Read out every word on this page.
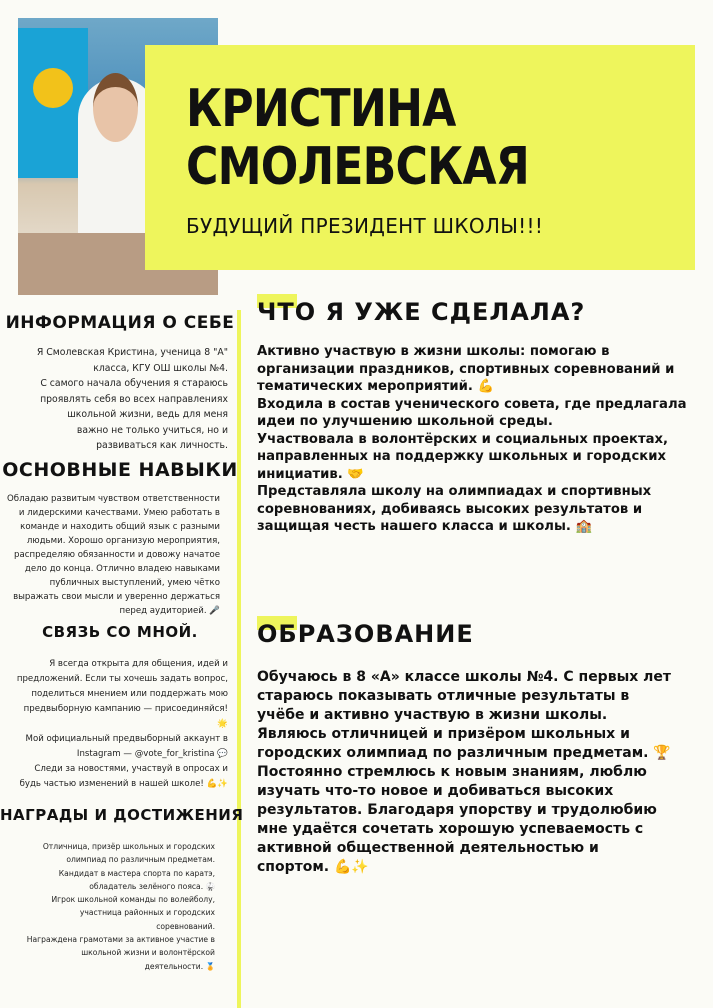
КРИСТИНА
СМОЛЕВСКАЯ
БУДУЩИЙ ПРЕЗИДЕНТ ШКОЛЫ!!!
ИНФОРМАЦИЯ О СЕБЕ
Я Смолевская Кристина, ученица 8 "А"
класса, КГУ ОШ школы №4.
С самого начала обучения я стараюсь
проявлять себя во всех направлениях
школьной жизни, ведь для меня
важно не только учиться, но и
развиваться как личность.
ОСНОВНЫЕ НАВЫКИ
Обладаю развитым чувством ответственности
и лидерскими качествами. Умею работать в
команде и находить общий язык с разными
людьми. Хорошо организую мероприятия,
распределяю обязанности и довожу начатое
дело до конца. Отлично владею навыками
публичных выступлений, умею чётко
выражать свои мысли и уверенно держаться
перед аудиторией. 🎤
СВЯЗЬ СО МНОЙ.
Я всегда открыта для общения, идей и
предложений. Если ты хочешь задать вопрос,
поделиться мнением или поддержать мою
предвыборную кампанию — присоединяйся!
🌟
Мой официальный предвыборный аккаунт в
Instagram — @vote_for_kristina 💬
Следи за новостями, участвуй в опросах и
будь частью изменений в нашей школе! 💪✨
НАГРАДЫ И ДОСТИЖЕНИЯ
Отличница, призёр школьных и городских
олимпиад по различным предметам.
Кандидат в мастера спорта по каратэ,
обладатель зелёного пояса. 🥋
Игрок школьной команды по волейболу,
участница районных и городских
соревнований.
Награждена грамотами за активное участие в
школьной жизни и волонтёрской
деятельности. 🏅
ЧТО Я УЖЕ СДЕЛАЛА?
Активно участвую в жизни школы: помогаю в
организации праздников, спортивных соревнований и
тематических мероприятий. 💪
Входила в состав ученического совета, где предлагала
идеи по улучшению школьной среды.
Участвовала в волонтёрских и социальных проектах,
направленных на поддержку школьных и городских
инициатив. 🤝
Представляла школу на олимпиадах и спортивных
соревнованиях, добиваясь высоких результатов и
защищая честь нашего класса и школы. 🏫
ОБРАЗОВАНИЕ
Обучаюсь в 8 «А» классе школы №4. С первых лет
стараюсь показывать отличные результаты в
учёбе и активно участвую в жизни школы.
Являюсь отличницей и призёром школьных и
городских олимпиад по различным предметам. 🏆
Постоянно стремлюсь к новым знаниям, люблю
изучать что-то новое и добиваться высоких
результатов. Благодаря упорству и трудолюбию
мне удаётся сочетать хорошую успеваемость с
активной общественной деятельностью и
спортом. 💪✨
